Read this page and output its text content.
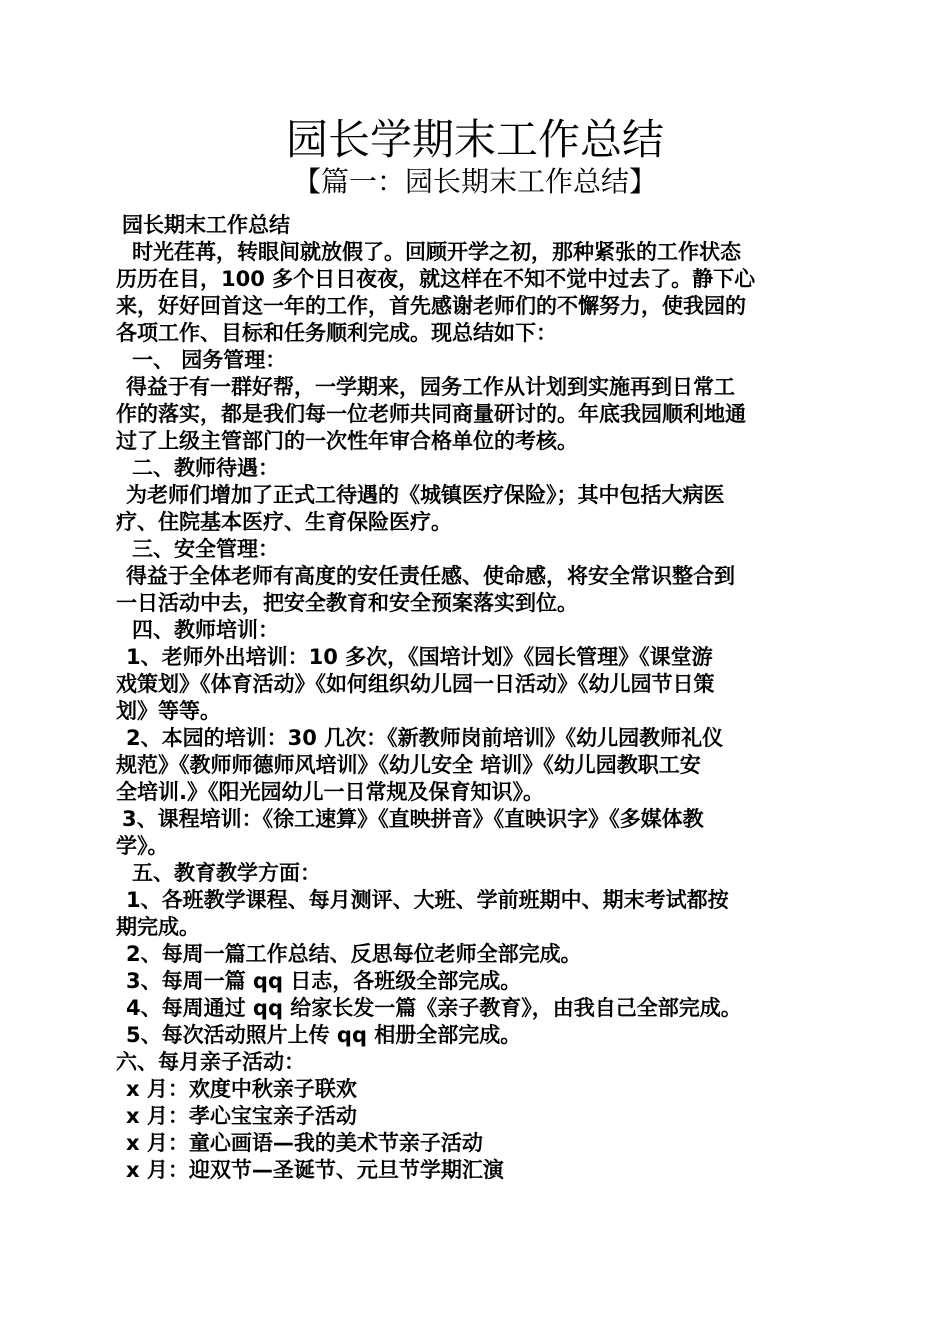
园长学期末工作总结
【篇一：园长期末工作总结】

园长期末工作总结

时光荏苒，转眼间就放假了。回顾开学之初，那种紧张的工作状态

历历在目，100 多个日日夜夜，就这样在不知不觉中过去了。静下心

来，好好回首这一年的工作，首先感谢老师们的不懈努力，使我园的

各项工作、目标和任务顺利完成。现总结如下：

一、 园务管理：

得益于有一群好帮，一学期来，园务工作从计划到实施再到日常工

作的落实，都是我们每一位老师共同商量研讨的。年底我园顺利地通

过了上级主管部门的一次性年审合格单位的考核。

二、教师待遇：

为老师们增加了正式工待遇的《城镇医疗保险》；其中包括大病医

疗、住院基本医疗、生育保险医疗。

三、安全管理：

得益于全体老师有高度的安任责任感、使命感，将安全常识整合到

一日活动中去，把安全教育和安全预案落实到位。

四、教师培训：

1、老师外出培训：10 多次，《国培计划》《园长管理》《课堂游

戏策划》《体育活动》《如何组织幼儿园一日活动》《幼儿园节日策

划》等等。

2、本园的培训：30 几次：《新教师岗前培训》《幼儿园教师礼仪

规范》《教师师德师风培训》《幼儿安全 培训》《幼儿园教职工安

全培训.》《阳光园幼儿一日常规及保育知识》。

3、课程培训：《徐工速算》《直映拼音》《直映识字》《多媒体教

学》。

五、教育教学方面：

1、各班教学课程、每月测评、大班、学前班期中、期末考试都按

期完成。

2、每周一篇工作总结、反思每位老师全部完成。

3、每周一篇 qq 日志，各班级全部完成。

4、每周通过 qq 给家长发一篇《亲子教育》，由我自己全部完成。

5、每次活动照片上传 qq 相册全部完成。

六、每月亲子活动：

x 月：欢度中秋亲子联欢

x 月：孝心宝宝亲子活动

x 月：童心画语—我的美术节亲子活动

x 月：迎双节—圣诞节、元旦节学期汇演
